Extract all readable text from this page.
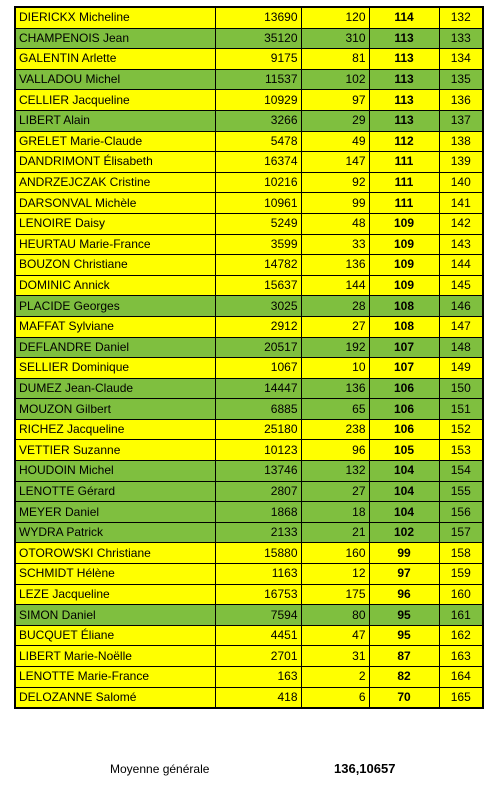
DIERICKX Micheline	13690	120	114	132
CHAMPENOIS Jean	35120	310	113	133
GALENTIN Arlette	9175	81	113	134
VALLADOU Michel	11537	102	113	135
CELLIER Jacqueline	10929	97	113	136
LIBERT Alain	3266	29	113	137
GRELET Marie-Claude	5478	49	112	138
DANDRIMONT Élisabeth	16374	147	111	139
ANDRZEJCZAK Cristine	10216	92	111	140
DARSONVAL Michèle	10961	99	111	141
LENOIRE Daisy	5249	48	109	142
HEURTAU Marie-France	3599	33	109	143
BOUZON Christiane	14782	136	109	144
DOMINIC Annick	15637	144	109	145
PLACIDE Georges	3025	28	108	146
MAFFAT Sylviane	2912	27	108	147
DEFLANDRE Daniel	20517	192	107	148
SELLIER Dominique	1067	10	107	149
DUMEZ Jean-Claude	14447	136	106	150
MOUZON Gilbert	6885	65	106	151
RICHEZ Jacqueline	25180	238	106	152
VETTIER Suzanne	10123	96	105	153
HOUDOIN Michel	13746	132	104	154
LENOTTE Gérard	2807	27	104	155
MEYER Daniel	1868	18	104	156
WYDRA Patrick	2133	21	102	157
OTOROWSKI Christiane	15880	160	99	158
SCHMIDT Hélène	1163	12	97	159
LEZE Jacqueline	16753	175	96	160
SIMON Daniel	7594	80	95	161
BUCQUET Éliane	4451	47	95	162
LIBERT Marie-Noëlle	2701	31	87	163
LENOTTE Marie-France	163	2	82	164
DELOZANNE Salomé	418	6	70	165
Moyenne générale	136,10657
